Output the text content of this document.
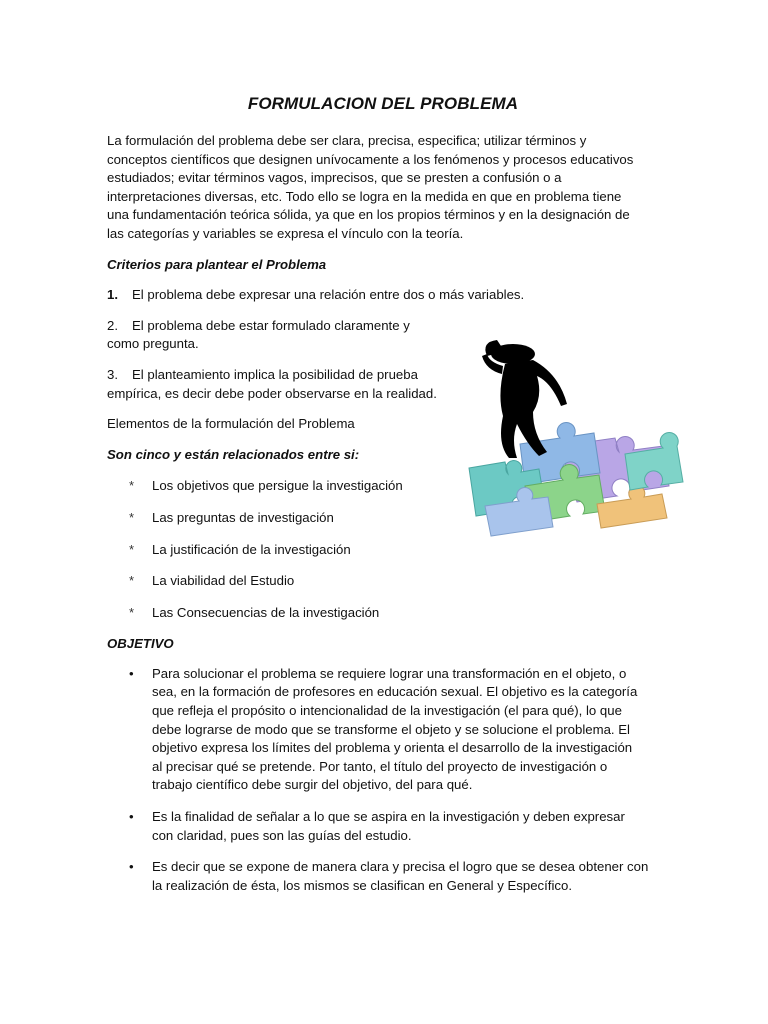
FORMULACION DEL PROBLEMA

La formulación del problema debe ser clara, precisa, especifica; utilizar términos y
conceptos científicos que designen unívocamente a los fenómenos y procesos educativos
estudiados; evitar términos vagos, imprecisos, que se presten a confusión o a
interpretaciones diversas, etc. Todo ello se logra en la medida en que en problema tiene
una fundamentación teórica sólida, ya que en los propios términos y en la designación de
las categorías y variables se expresa el vínculo con la teoría.

Criterios para plantear el Problema

1.	El problema debe expresar una relación entre dos o más variables.

2. El problema debe estar formulado claramente y
como pregunta.

3. El planteamiento implica la posibilidad de prueba
empírica, es decir debe poder observarse en la realidad.

Elementos de la formulación del Problema

Son cinco y están relacionados entre si:

* Los objetivos que persigue la investigación
* Las preguntas de investigación
* La justificación de la investigación
* La viabilidad del Estudio
* Las Consecuencias de la investigación

OBJETIVO

• Para solucionar el problema se requiere lograr una transformación en el objeto, o
sea, en la formación de profesores en educación sexual. El objetivo es la categoría
que refleja el propósito o intencionalidad de la investigación (el para qué), lo que
debe lograrse de modo que se transforme el objeto y se solucione el problema. El
objetivo expresa los límites del problema y orienta el desarrollo de la investigación
al precisar qué se pretende. Por tanto, el título del proyecto de investigación o
trabajo científico debe surgir del objetivo, del para qué.
• Es la finalidad de señalar a lo que se aspira en la investigación y deben expresar
con claridad, pues son las guías del estudio.
• Es decir que se expone de manera clara y precisa el logro que se desea obtener con
la realización de ésta, los mismos se clasifican en General y Específico.
